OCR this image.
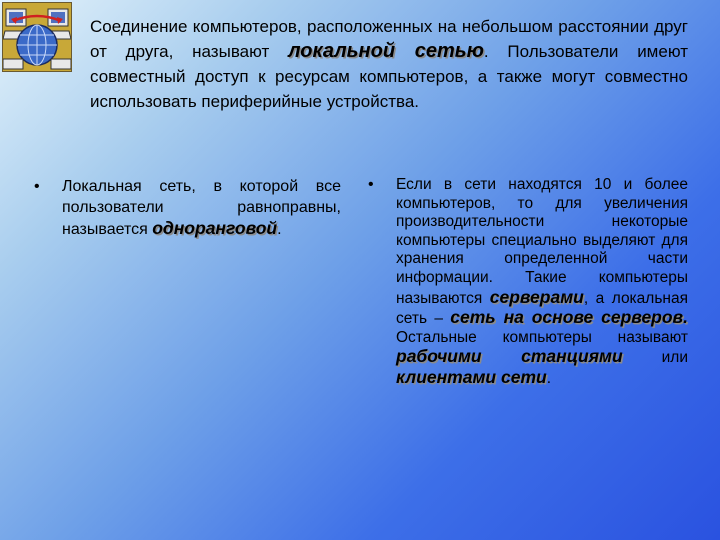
Соединение компьютеров, расположенных на небольшом расстоянии друг от друга, называют локальной сетью. Пользователи имеют совместный доступ к ресурсам компьютеров, а также могут совместно использовать периферийные устройства.
• Локальная сеть, в которой все пользователи равноправны, называется одноранговой.
• Если в сети находятся 10 и более компьютеров, то для увеличения производительности некоторые компьютеры специально выделяют для хранения определенной части информации. Такие компьютеры называются серверами, а локальная сеть – сеть на основе серверов. Остальные компьютеры называют рабочими станциями или клиентами сети.
